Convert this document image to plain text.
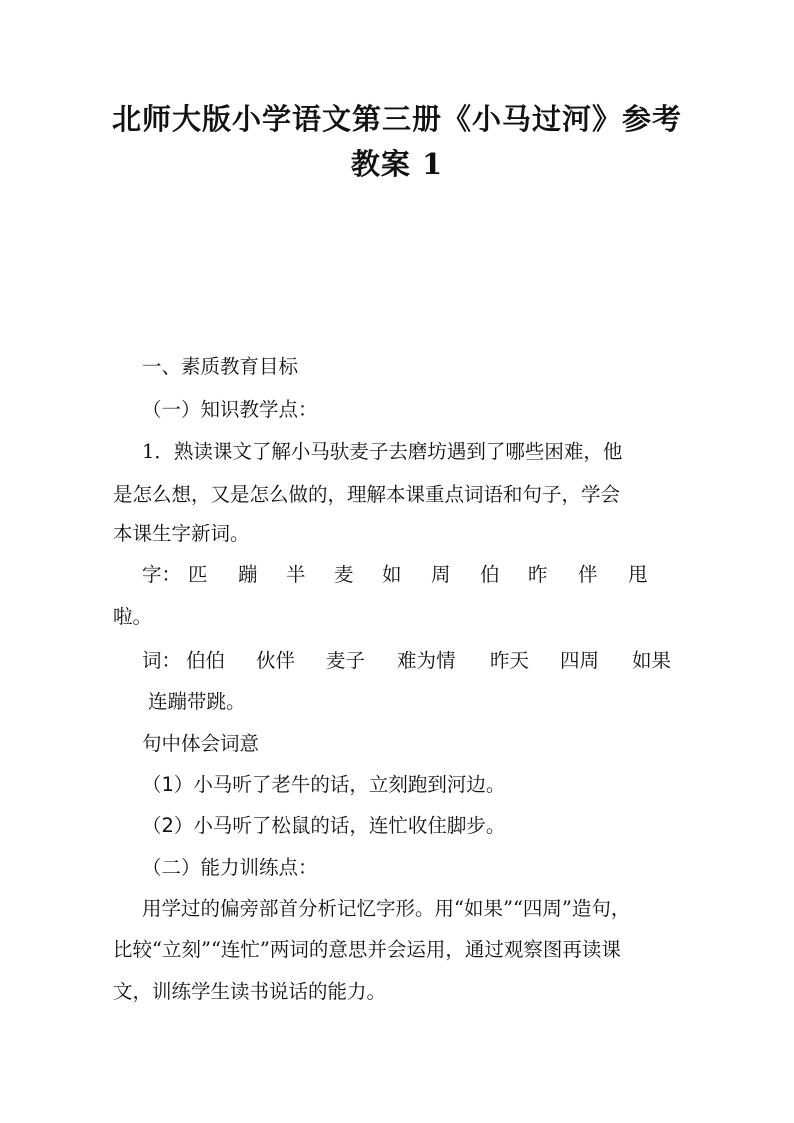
北师大版小学语文第三册《小马过河》参考
教案 1
一、素质教育目标
（一）知识教学点：
1．熟读课文了解小马驮麦子去磨坊遇到了哪些困难，他
是怎么想，又是怎么做的，理解本课重点词语和句子，学会
本课生字新词。
字： 匹 蹦 半 麦 如 周 伯 昨 伴 甩
啦。
词： 伯伯 伙伴 麦子 难为情 昨天 四周 如果
连蹦带跳。
句中体会词意
（1）小马听了老牛的话，立刻跑到河边。
（2）小马听了松鼠的话，连忙收住脚步。
（二）能力训练点：
用学过的偏旁部首分析记忆字形。用“如果”“四周”造句，
比较“立刻”“连忙”两词的意思并会运用，通过观察图再读课
文，训练学生读书说话的能力。
